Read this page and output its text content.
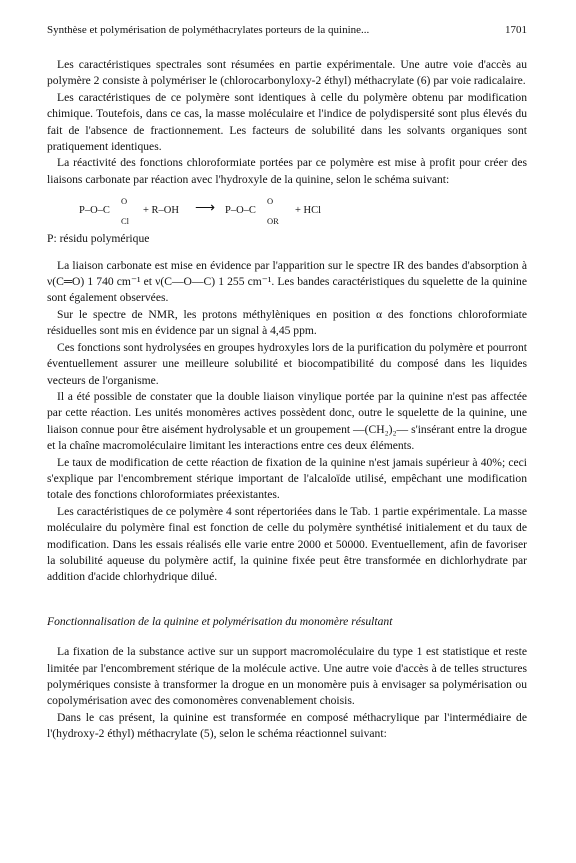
Synthèse et polymérisation de polyméthacrylates porteurs de la quinine...	1701

Les caractéristiques spectrales sont résumées en partie expérimentale. Une autre voie d'accès au polymère 2 consiste à polymériser le (chlorocarbonyloxy-2 éthyl) méthacrylate (6) par voie radicalaire.

Les caractéristiques de ce polymère sont identiques à celle du polymère obtenu par modification chimique. Toutefois, dans ce cas, la masse moléculaire et l'indice de polydispersité sont plus élevés du fait de l'absence de fractionnement. Les facteurs de solubilité dans les solvants organiques sont pratiquement identiques.

La réactivité des fonctions chloroformiate portées par ce polymère est mise à profit pour créer des liaisons carbonate par réaction avec l'hydroxyle de la quinine, selon le schéma suivant:

P–O–C
O
Cl
+ R–OH ⟶ P–O–C
O
OR
+ HCl

P: résidu polymérique

La liaison carbonate est mise en évidence par l'apparition sur le spectre IR des bandes d'absorption à ν(C═O) 1 740 cm⁻¹ et ν(C—O—C) 1 255 cm⁻¹. Les bandes caractéristiques du squelette de la quinine sont également observées.

Sur le spectre de NMR, les protons méthylèniques en position α des fonctions chloroformiate résiduelles sont mis en évidence par un signal à 4,45 ppm.

Ces fonctions sont hydrolysées en groupes hydroxyles lors de la purification du polymère et pourront éventuellement assurer une meilleure solubilité et biocompatibilité du composé dans les liquides vecteurs de l'organisme.

Il a été possible de constater que la double liaison vinylique portée par la quinine n'est pas affectée par cette réaction. Les unités monomères actives possèdent donc, outre le squelette de la quinine, une liaison connue pour être aisément hydrolysable et un groupement —(CH₂)₂— s'insérant entre la drogue et la chaîne macromoléculaire limitant les interactions entre ces deux éléments.

Le taux de modification de cette réaction de fixation de la quinine n'est jamais supérieur à 40%; ceci s'explique par l'encombrement stérique important de l'alcaloïde utilisé, empêchant une modification totale des fonctions chloroformiates préexistantes.

Les caractéristiques de ce polymère 4 sont répertoriées dans le Tab. 1 partie expérimentale. La masse moléculaire du polymère final est fonction de celle du polymère synthétisé initialement et du taux de modification. Dans les essais réalisés elle varie entre 2000 et 50000. Eventuellement, afin de favoriser la solubilité aqueuse du polymère actif, la quinine fixée peut être transformée en dichlorhydrate par addition d'acide chlorhydrique dilué.

Fonctionnalisation de la quinine et polymérisation du monomère résultant

La fixation de la substance active sur un support macromoléculaire du type 1 est statistique et reste limitée par l'encombrement stérique de la molécule active. Une autre voie d'accès à de telles structures polymériques consiste à transformer la drogue en un monomère puis à envisager sa polymérisation ou copolymérisation avec des comonomères convenablement choisis.

Dans le cas présent, la quinine est transformée en composé méthacrylique par l'intermédiaire de l'(hydroxy-2 éthyl) méthacrylate (5), selon le schéma réactionnel suivant:
